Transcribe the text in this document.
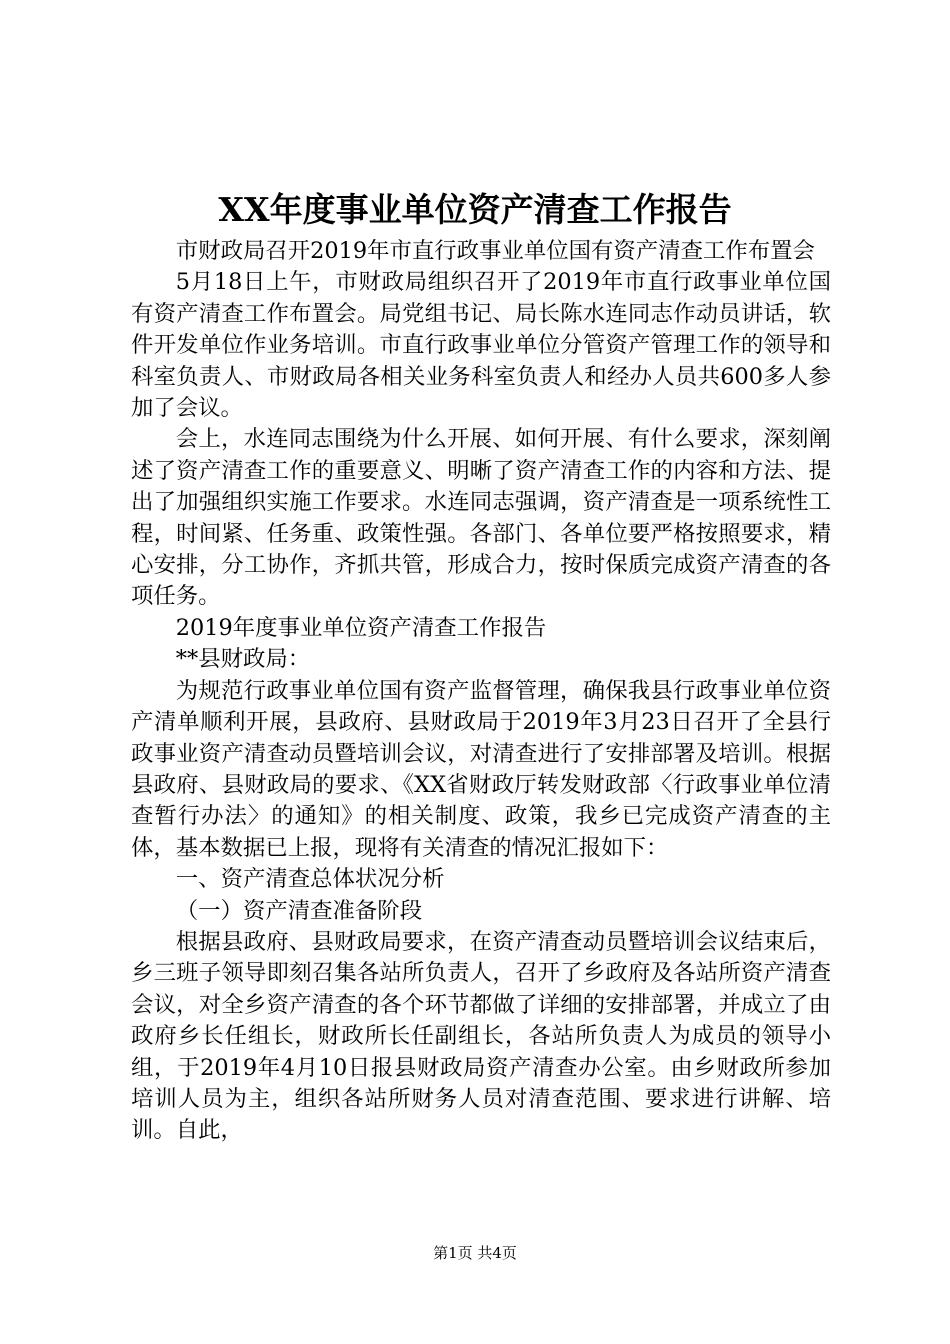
XX年度事业单位资产清查工作报告

市财政局召开2019年市直行政事业单位国有资产清查工作布置会

5月18日上午，市财政局组织召开了2019年市直行政事业单位国有资产清查工作布置会。局党组书记、局长陈水连同志作动员讲话，软件开发单位作业务培训。市直行政事业单位分管资产管理工作的领导和科室负责人、市财政局各相关业务科室负责人和经办人员共600多人参加了会议。

会上，水连同志围绕为什么开展、如何开展、有什么要求，深刻阐述了资产清查工作的重要意义、明晰了资产清查工作的内容和方法、提出了加强组织实施工作要求。水连同志强调，资产清查是一项系统性工程，时间紧、任务重、政策性强。各部门、各单位要严格按照要求，精心安排，分工协作，齐抓共管，形成合力，按时保质完成资产清查的各项任务。

2019年度事业单位资产清查工作报告

**县财政局：

为规范行政事业单位国有资产监督管理，确保我县行政事业单位资产清单顺利开展，县政府、县财政局于2019年3月23日召开了全县行政事业资产清查动员暨培训会议，对清查进行了安排部署及培训。根据县政府、县财政局的要求、《XX省财政厅转发财政部〈行政事业单位清查暂行办法〉的通知》的相关制度、政策，我乡已完成资产清查的主体，基本数据已上报，现将有关清查的情况汇报如下：

一、资产清查总体状况分析

（一）资产清查准备阶段

根据县政府、县财政局要求，在资产清查动员暨培训会议结束后，乡三班子领导即刻召集各站所负责人，召开了乡政府及各站所资产清查会议，对全乡资产清查的各个环节都做了详细的安排部署，并成立了由政府乡长任组长，财政所长任副组长，各站所负责人为成员的领导小组，于2019年4月10日报县财政局资产清查办公室。由乡财政所参加培训人员为主，组织各站所财务人员对清查范围、要求进行讲解、培训。自此，

第1页 共4页
